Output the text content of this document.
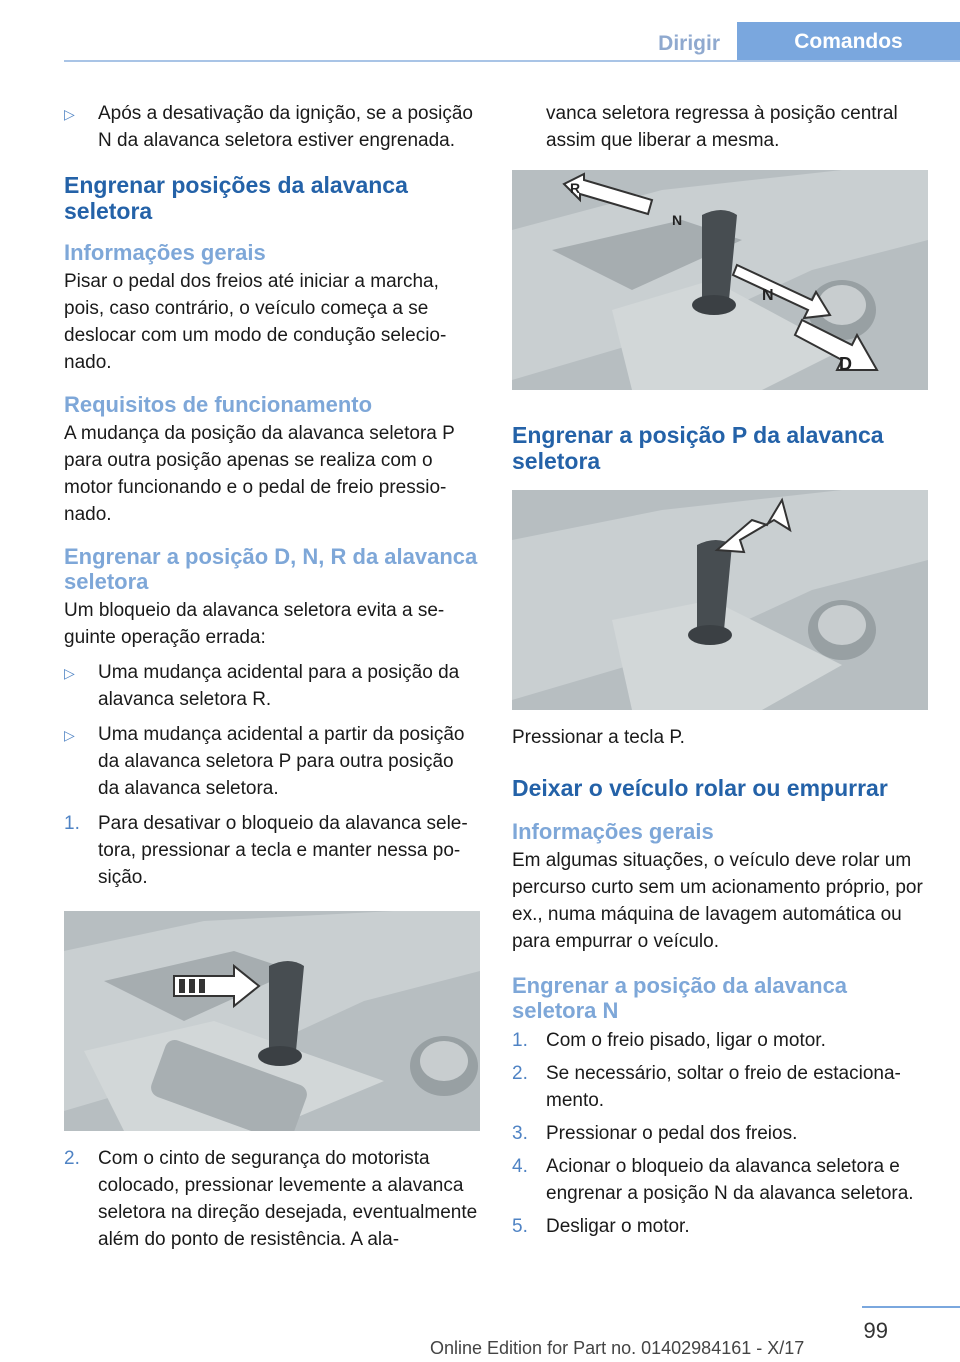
Dirigir	Comandos
▷	Após a desativação da ignição, se a posição N da alavanca seletora estiver engrenada.
Engrenar posições da alavanca seletora
Informações gerais

Pisar o pedal dos freios até iniciar a marcha, pois, caso contrário, o veículo começa a se deslocar com um modo de condução selecionado.

Requisitos de funcionamento

A mudança da posição da alavanca seletora P para outra posição apenas se realiza com o motor funcionando e o pedal de freio pressionado.

Engrenar a posição D, N, R da alavanca seletora

Um bloqueio da alavanca seletora evita a seguinte operação errada:

▷	Uma mudança acidental para a posição da alavanca seletora R.
▷	Uma mudança acidental a partir da posição da alavanca seletora P para outra posição da alavanca seletora.
1. Para desativar o bloqueio da alavanca seletora, pressionar a tecla e manter nessa posição.
2. Com o cinto de segurança do motorista colocado, pressionar levemente a alavanca seletora na direção desejada, eventualmente além do ponto de resistência. A ala-

vanca seletora regressa à posição central assim que liberar a mesma.

R
N
N
D
Engrenar a posição P da alavanca seletora

Pressionar a tecla P.

Deixar o veículo rolar ou empurrar
Informações gerais

Em algumas situações, o veículo deve rolar um percurso curto sem um acionamento próprio, por ex., numa máquina de lavagem automática ou para empurrar o veículo.

Engrenar a posição da alavanca seletora N
1. Com o freio pisado, ligar o motor.
2. Se necessário, soltar o freio de estacionamento.
3. Pressionar o pedal dos freios.
4. Acionar o bloqueio da alavanca seletora e engrenar a posição N da alavanca seletora.
5. Desligar o motor.
99
Online Edition for Part no. 01402984161 - X/17
